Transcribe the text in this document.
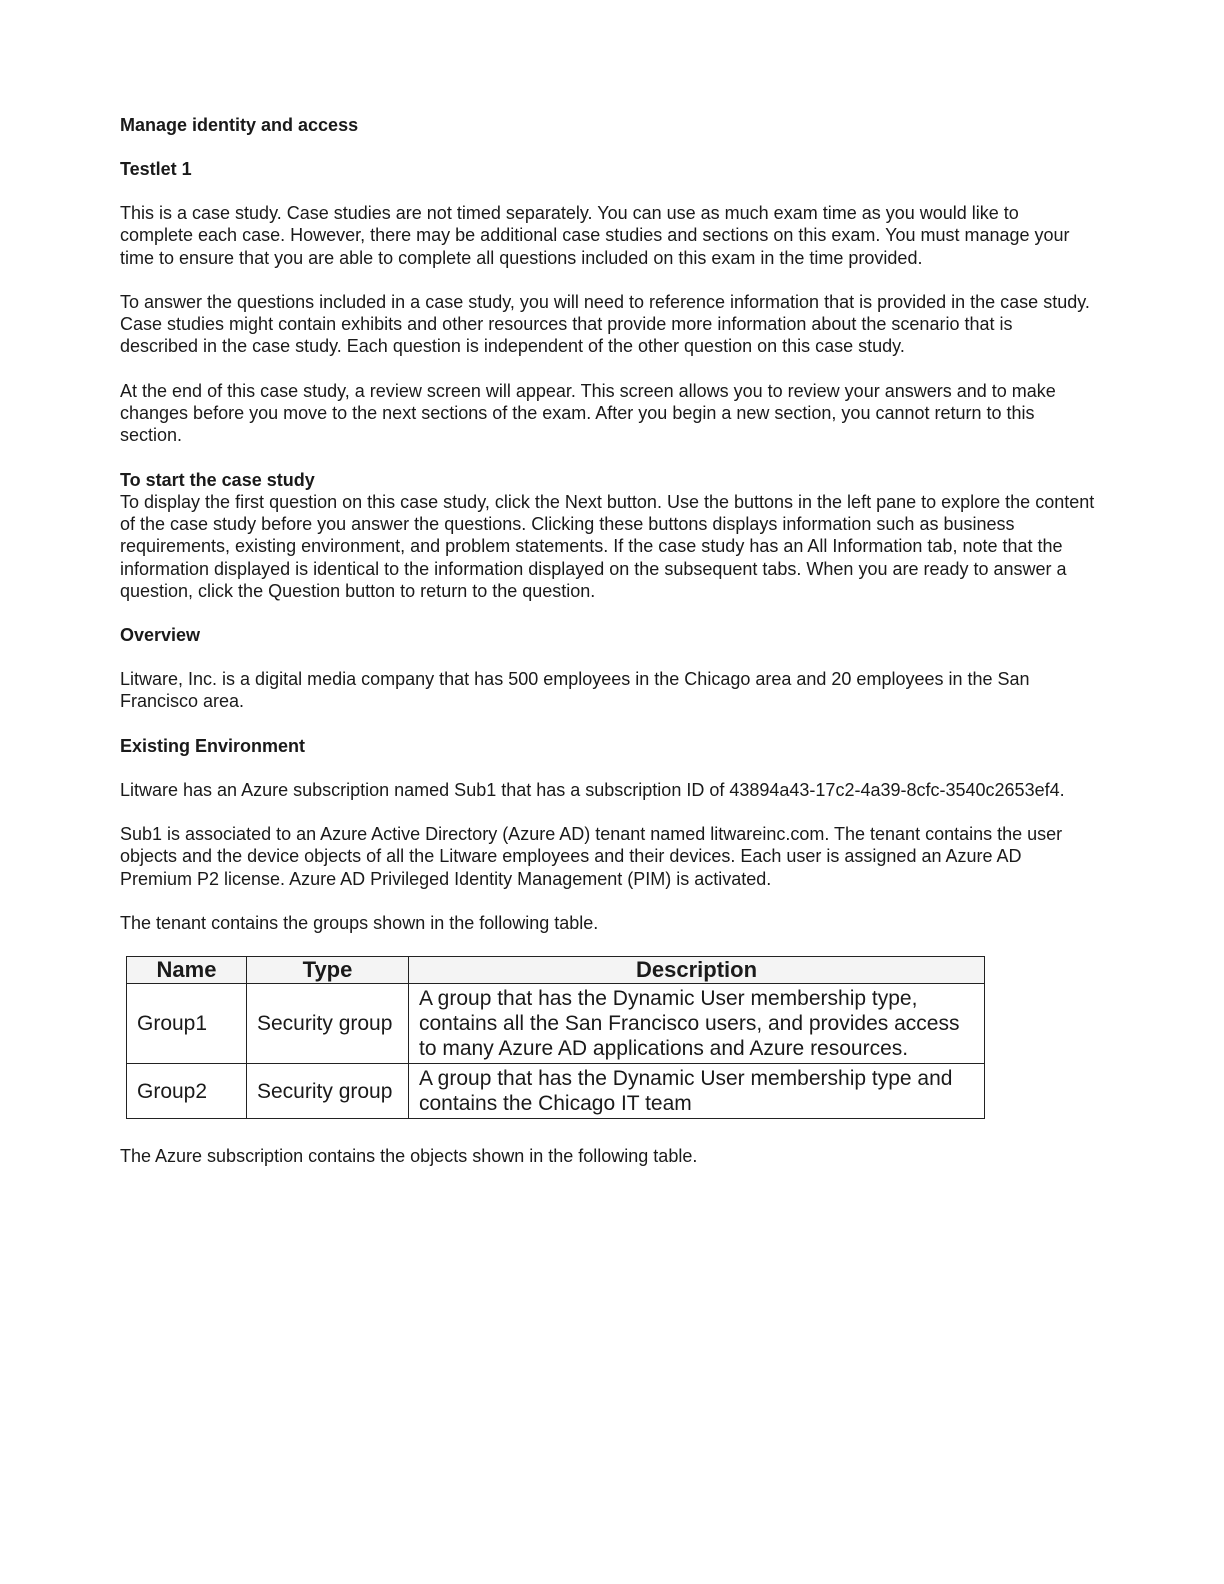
Manage identity and access
Testlet 1

This is a case study. Case studies are not timed separately. You can use as much exam time as you would like to complete each case. However, there may be additional case studies and sections on this exam. You must manage your time to ensure that you are able to complete all questions included on this exam in the time provided.

To answer the questions included in a case study, you will need to reference information that is provided in the case study. Case studies might contain exhibits and other resources that provide more information about the scenario that is described in the case study. Each question is independent of the other question on this case study.

At the end of this case study, a review screen will appear. This screen allows you to review your answers and to make changes before you move to the next sections of the exam. After you begin a new section, you cannot return to this section.

To start the case study

To display the first question on this case study, click the Next button. Use the buttons in the left pane to explore the content of the case study before you answer the questions. Clicking these buttons displays information such as business requirements, existing environment, and problem statements. If the case study has an All Information tab, note that the information displayed is identical to the information displayed on the subsequent tabs. When you are ready to answer a question, click the Question button to return to the question.

Overview

Litware, Inc. is a digital media company that has 500 employees in the Chicago area and 20 employees in the San Francisco area.

Existing Environment

Litware has an Azure subscription named Sub1 that has a subscription ID of 43894a43-17c2-4a39-8cfc-3540c2653ef4.

Sub1 is associated to an Azure Active Directory (Azure AD) tenant named litwareinc.com. The tenant contains the user objects and the device objects of all the Litware employees and their devices. Each user is assigned an Azure AD Premium P2 license. Azure AD Privileged Identity Management (PIM) is activated.

The tenant contains the groups shown in the following table.

Name	Type	Description
Group1	Security group	A group that has the Dynamic User membership type, contains all the San Francisco users, and provides access to many Azure AD applications and Azure resources.
Group2	Security group	A group that has the Dynamic User membership type and contains the Chicago IT team

The Azure subscription contains the objects shown in the following table.
